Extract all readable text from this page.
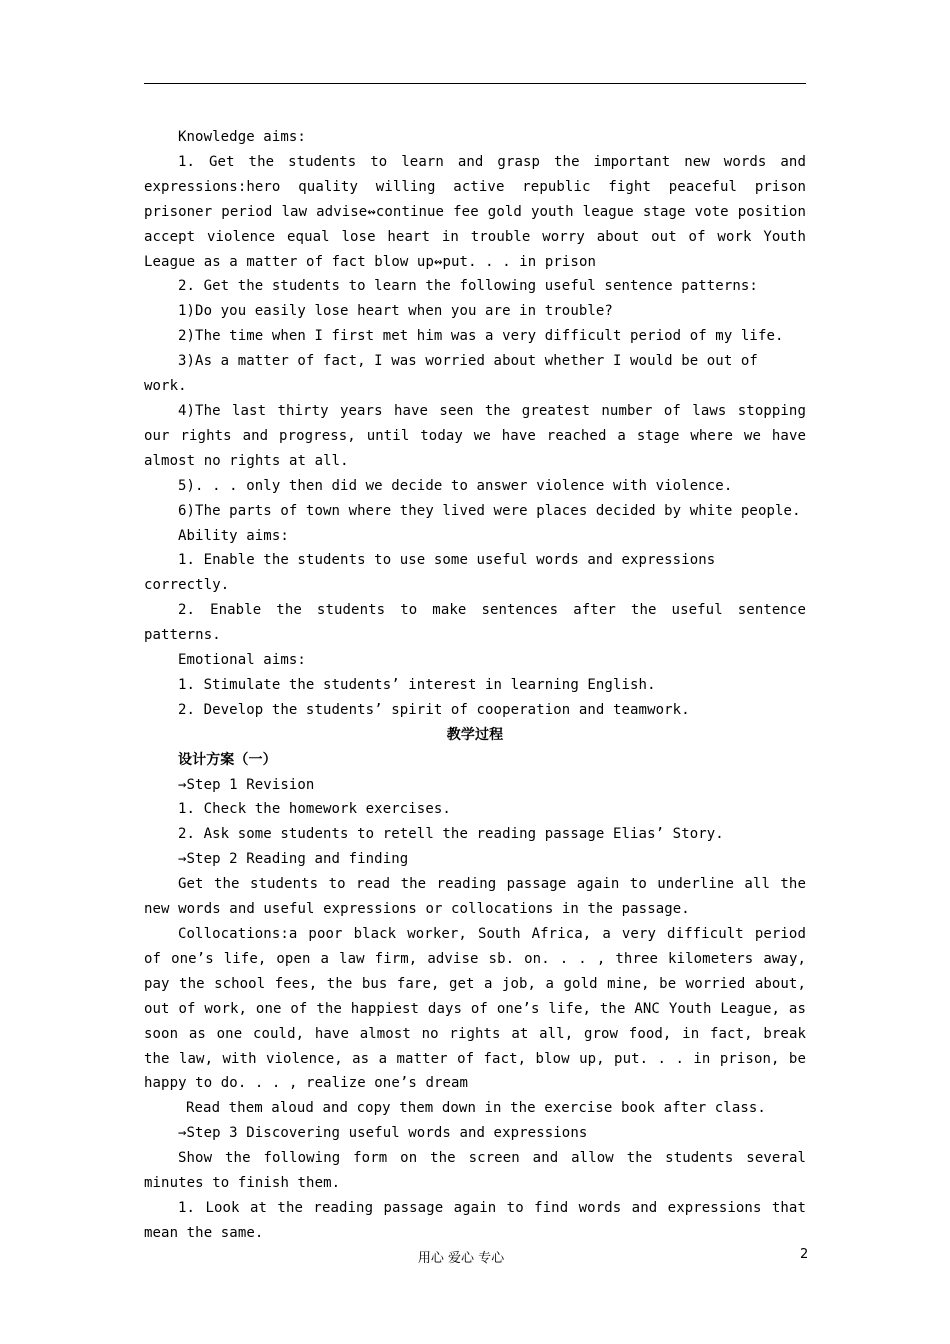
Knowledge aims:

1. Get the students to learn and grasp the important new words and expressions:hero quality willing active republic fight peaceful prison prisoner period law advise↭continue fee gold youth league stage vote position accept violence equal lose heart in trouble worry about out of work Youth League as a matter of fact blow up↭put. . . in prison

2. Get the students to learn the following useful sentence patterns:

1)Do you easily lose heart when you are in trouble?

2)The time when I first met him was a very difficult period of my life.

3)As a matter of fact, I was worried about whether I would be out of work.

4)The last thirty years have seen the greatest number of laws stopping our rights and progress, until today we have reached a stage where we have almost no rights at all.

5). . . only then did we decide to answer violence with violence.

6)The parts of town where they lived were places decided by white people.

Ability aims:

1. Enable the students to use some useful words and expressions correctly.

2. Enable the students to make sentences after the useful sentence patterns.

Emotional aims:

1. Stimulate the students’ interest in learning English.

2. Develop the students’ spirit of cooperation and teamwork.

教学过程

设计方案（一）

→Step 1 Revision

1. Check the homework exercises.

2. Ask some students to retell the reading passage Elias’ Story.

→Step 2 Reading and finding

Get the students to read the reading passage again to underline all the new words and useful expressions or collocations in the passage.

Collocations:a poor black worker, South Africa, a very difficult period of one’s life, open a law firm, advise sb. on. . . , three kilometers away, pay the school fees, the bus fare, get a job, a gold mine, be worried about, out of work, one of the happiest days of one’s life, the ANC Youth League, as soon as one could, have almost no rights at all, grow food, in fact, break the law, with violence, as a matter of fact, blow up, put. . . in prison, be happy to do. . . , realize one’s dream

Read them aloud and copy them down in the exercise book after class.

→Step 3 Discovering useful words and expressions

Show the following form on the screen and allow the students several minutes to finish them.

1. Look at the reading passage again to find words and expressions that mean the same.

用心 爱心 专心	2
